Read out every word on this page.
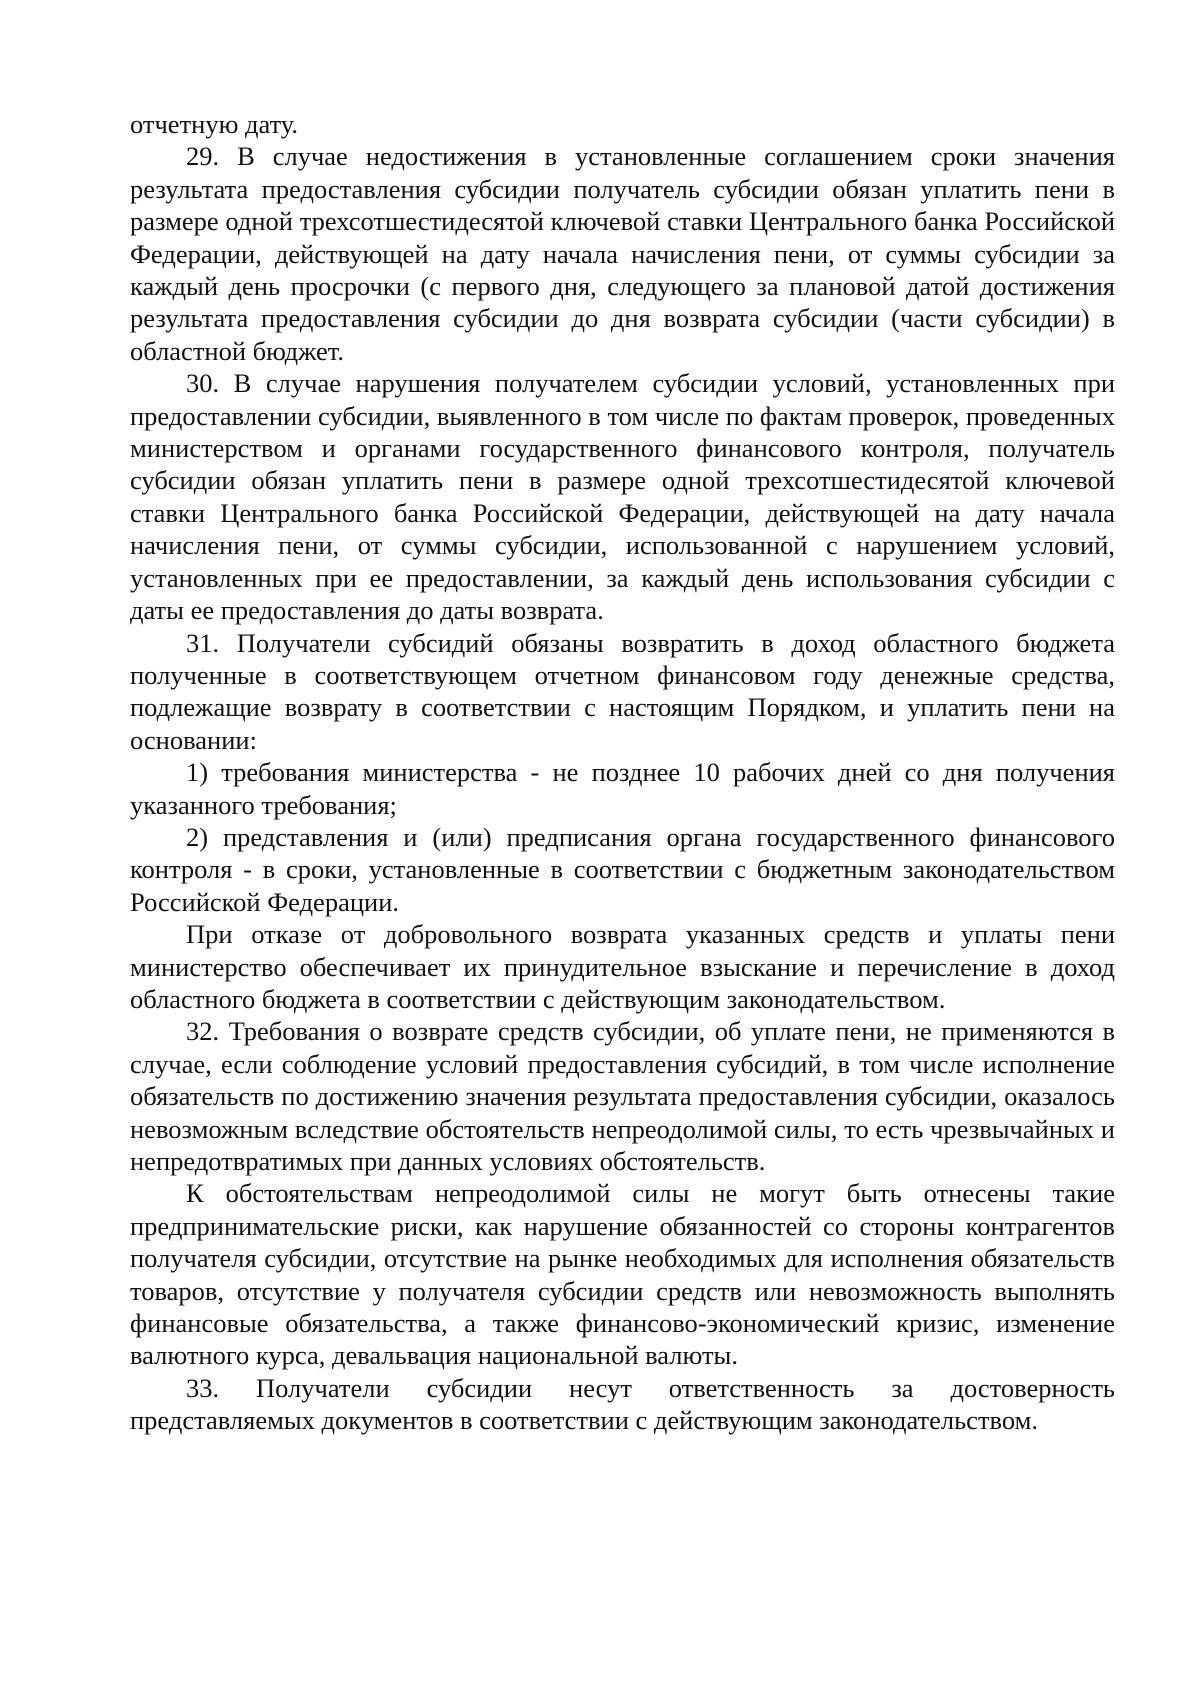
отчетную дату.

29. В случае недостижения в установленные соглашением сроки значения результата предоставления субсидии получатель субсидии обязан уплатить пени в размере одной трехсотшестидесятой ключевой ставки Центрального банка Российской Федерации, действующей на дату начала начисления пени, от суммы субсидии за каждый день просрочки (с первого дня, следующего за плановой датой достижения результата предоставления субсидии до дня возврата субсидии (части субсидии) в областной бюджет.

30. В случае нарушения получателем субсидии условий, установленных при предоставлении субсидии, выявленного в том числе по фактам проверок, проведенных министерством и органами государственного финансового контроля, получатель субсидии обязан уплатить пени в размере одной трехсотшестидесятой ключевой ставки Центрального банка Российской Федерации, действующей на дату начала начисления пени, от суммы субсидии, использованной с нарушением условий, установленных при ее предоставлении, за каждый день использования субсидии с даты ее предоставления до даты возврата.

31. Получатели субсидий обязаны возвратить в доход областного бюджета полученные в соответствующем отчетном финансовом году денежные средства, подлежащие возврату в соответствии с настоящим Порядком, и уплатить пени на основании:

1) требования министерства - не позднее 10 рабочих дней со дня получения указанного требования;

2) представления и (или) предписания органа государственного финансового контроля - в сроки, установленные в соответствии с бюджетным законодательством Российской Федерации.

При отказе от добровольного возврата указанных средств и уплаты пени министерство обеспечивает их принудительное взыскание и перечисление в доход областного бюджета в соответствии с действующим законодательством.

32. Требования о возврате средств субсидии, об уплате пени, не применяются в случае, если соблюдение условий предоставления субсидий, в том числе исполнение обязательств по достижению значения результата предоставления субсидии, оказалось невозможным вследствие обстоятельств непреодолимой силы, то есть чрезвычайных и непредотвратимых при данных условиях обстоятельств.

К обстоятельствам непреодолимой силы не могут быть отнесены такие предпринимательские риски, как нарушение обязанностей со стороны контрагентов получателя субсидии, отсутствие на рынке необходимых для исполнения обязательств товаров, отсутствие у получателя субсидии средств или невозможность выполнять финансовые обязательства, а также финансово-экономический кризис, изменение валютного курса, девальвация национальной валюты.

33. Получатели субсидии несут ответственность за достоверность представляемых документов в соответствии с действующим законодательством.
